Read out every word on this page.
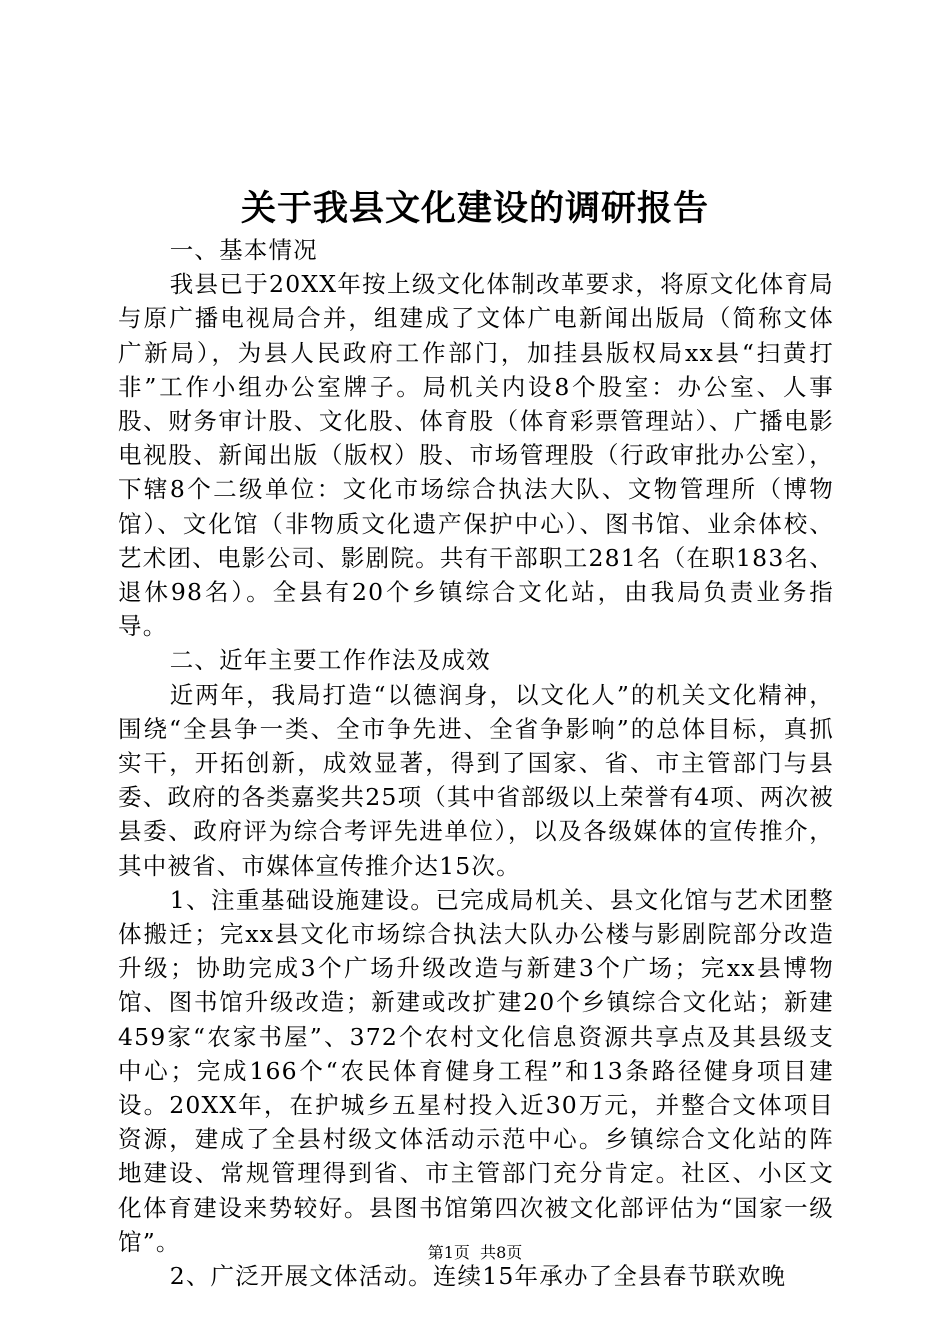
关于我县文化建设的调研报告

一、基本情况

我县已于20XX年按上级文化体制改革要求，将原文化体育局与原广播电视局合并，组建成了文体广电新闻出版局（简称文体广新局），为县人民政府工作部门，加挂县版权局xx县“扫黄打非”工作小组办公室牌子。局机关内设8个股室：办公室、人事股、财务审计股、文化股、体育股（体育彩票管理站）、广播电影电视股、新闻出版（版权）股、市场管理股（行政审批办公室），下辖8个二级单位：文化市场综合执法大队、文物管理所（博物馆）、文化馆（非物质文化遗产保护中心）、图书馆、业余体校、艺术团、电影公司、影剧院。共有干部职工281名（在职183名、退休98名）。全县有20个乡镇综合文化站，由我局负责业务指导。

二、近年主要工作作法及成效

近两年，我局打造“以德润身，以文化人”的机关文化精神，围绕“全县争一类、全市争先进、全省争影响”的总体目标，真抓实干，开拓创新，成效显著，得到了国家、省、市主管部门与县委、政府的各类嘉奖共25项（其中省部级以上荣誉有4项、两次被县委、政府评为综合考评先进单位），以及各级媒体的宣传推介，其中被省、市媒体宣传推介达15次。

1、注重基础设施建设。已完成局机关、县文化馆与艺术团整体搬迁；完xx县文化市场综合执法大队办公楼与影剧院部分改造升级；协助完成3个广场升级改造与新建3个广场；完xx县博物馆、图书馆升级改造；新建或改扩建20个乡镇综合文化站；新建459家“农家书屋”、372个农村文化信息资源共享点及其县级支中心；完成166个“农民体育健身工程”和13条路径健身项目建设。20XX年，在护城乡五星村投入近30万元，并整合文体项目资源，建成了全县村级文体活动示范中心。乡镇综合文化站的阵地建设、常规管理得到省、市主管部门充分肯定。社区、小区文化体育建设来势较好。县图书馆第四次被文化部评估为“国家一级馆”。

2、广泛开展文体活动。连续15年承办了全县春节联欢晚

第1页 共8页
